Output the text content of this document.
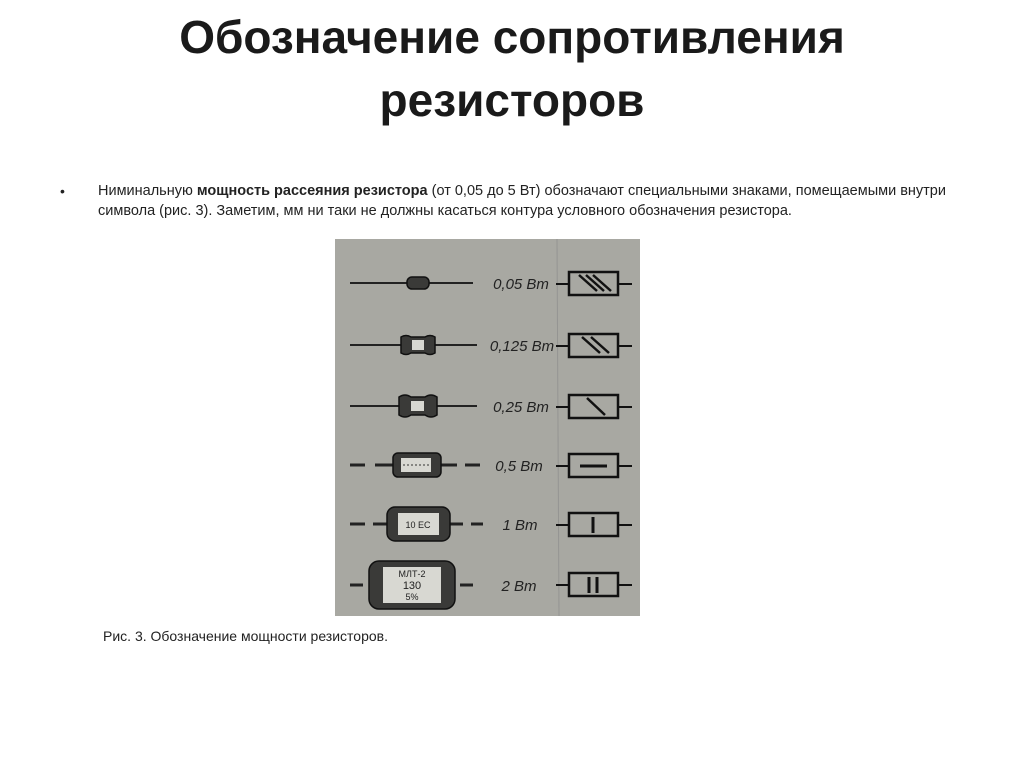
Обозначение сопротивления
резисторов
• Ниминальную мощность рассеяния резистора (от 0,05 до 5 Вт) обозначают специальными знаками, помещаемыми внутри символа (рис. 3). Заметим, мм ни таки не должны касаться контура условного обозначения резистора.
0,05 Вт
0,125 Вт
0,25 Вт
0,5 Вт
10 ЕС	1 Вт
МЛТ-2
130
5%
2 Вт
Рис. 3. Обозначение мощности резисторов.
